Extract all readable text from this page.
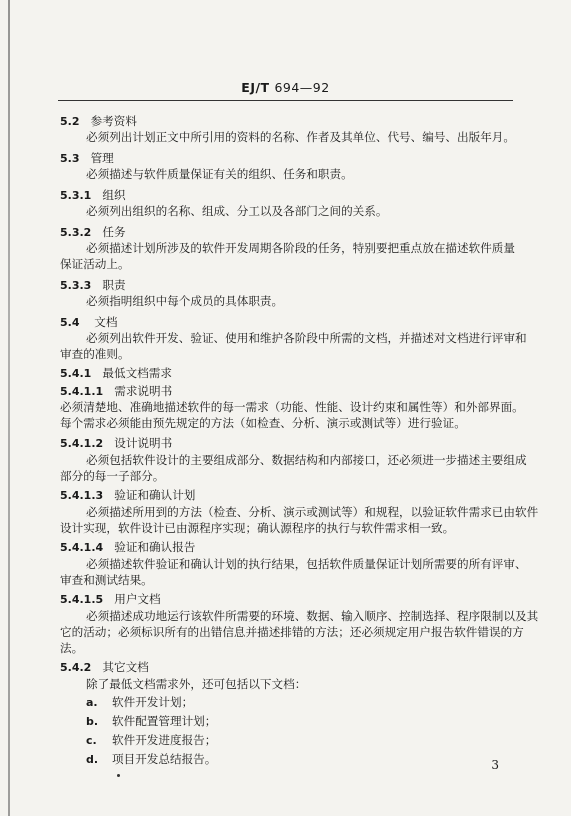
EJ/T 694—92
5.2 参考资料
必须列出计划正文中所引用的资料的名称、作者及其单位、代号、编号、出版年月。
5.3 管理
必须描述与软件质量保证有关的组织、任务和职责。
5.3.1 组织
必须列出组织的名称、组成、分工以及各部门之间的关系。
5.3.2 任务
必须描述计划所涉及的软件开发周期各阶段的任务，特别要把重点放在描述软件质量
保证活动上。
5.3.3 职责
必须指明组织中每个成员的具体职责。
5.4 文档
必须列出软件开发、验证、使用和维护各阶段中所需的文档，并描述对文档进行评审和
审查的准则。
5.4.1 最低文档需求
5.4.1.1 需求说明书
必须清楚地、准确地描述软件的每一需求（功能、性能、设计约束和属性等）和外部界面。
每个需求必须能由预先规定的方法（如检查、分析、演示或测试等）进行验证。
5.4.1.2 设计说明书
必须包括软件设计的主要组成部分、数据结构和内部接口，还必须进一步描述主要组成
部分的每一子部分。
5.4.1.3 验证和确认计划
必须描述所用到的方法（检查、分析、演示或测试等）和规程，以验证软件需求已由软件
设计实现，软件设计已由源程序实现；确认源程序的执行与软件需求相一致。
5.4.1.4 验证和确认报告
必须描述软件验证和确认计划的执行结果，包括软件质量保证计划所需要的所有评审、
审查和测试结果。
5.4.1.5 用户文档
必须描述成功地运行该软件所需要的环境、数据、输入顺序、控制选择、程序限制以及其
它的活动；必须标识所有的出错信息并描述排错的方法；还必须规定用户报告软件错误的方
法。
5.4.2 其它文档
除了最低文档需求外，还可包括以下文档：
a. 软件开发计划；
b. 软件配置管理计划；
c. 软件开发进度报告；
d. 项目开发总结报告。	3
